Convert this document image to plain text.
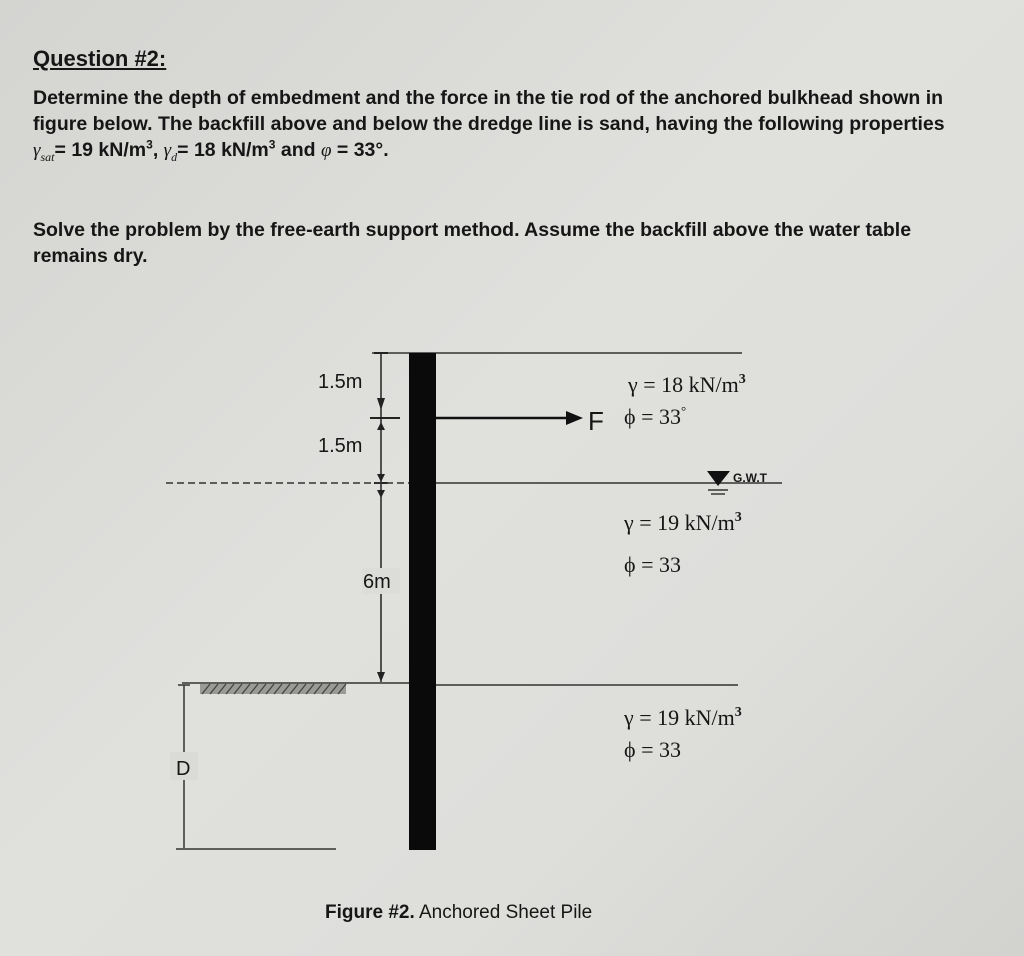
Question #2:
Determine the depth of embedment and the force in the tie rod of the anchored bulkhead shown in figure below. The backfill above and below the dredge line is sand, having the following properties $\gamma_{sat}= 19$ $kN/m^3$, $\gamma_d= 18$ $kN/m^3$ and φ = 33°.
Solve the problem by the free-earth support method. Assume the backfill above the water table remains dry.
1.5m
1.5m
6m
F
γ = 18 $kN/m^3$
ϕ = 33°
G.W.T
γ = 19 $kN/m^3$
ϕ = 33
D
γ = 19 $kN/m^3$
ϕ = 33
Figure #2. Anchored Sheet Pile
